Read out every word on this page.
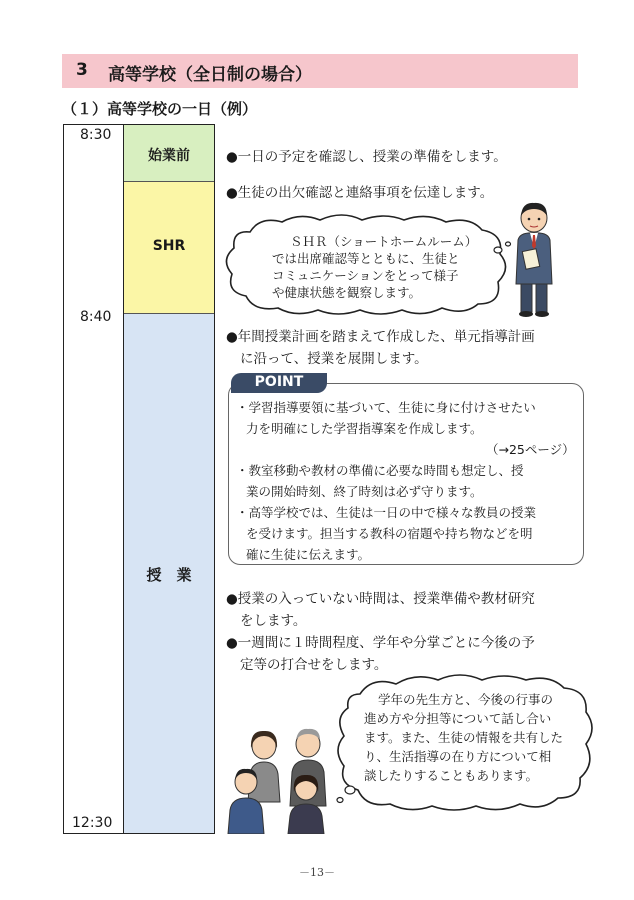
3 高等学校（全日制の場合）
（１）高等学校の一日（例）
8:30
8:40
12:30
始業前
SHR
授　業
●一日の予定を確認し、授業の準備をします。
●生徒の出欠確認と連絡事項を伝達します。
ＳＨＲ（ショートホームルーム）
では出席確認等とともに、生徒と
コミュニケーションをとって様子
や健康状態を観察します。
●年間授業計画を踏まえて作成した、単元指導計画
に沿って、授業を展開します。
POINT
・学習指導要領に基づいて、生徒に身に付けさせたい
力を明確にした学習指導案を作成します。
（→25ページ）
・教室移動や教材の準備に必要な時間も想定し、授
業の開始時刻、終了時刻は必ず守ります。
・高等学校では、生徒は一日の中で様々な教員の授業
を受けます。担当する教科の宿題や持ち物などを明
確に生徒に伝えます。
●授業の入っていない時間は、授業準備や教材研究
をします。
●一週間に１時間程度、学年や分掌ごとに今後の予
定等の打合せをします。
学年の先生方と、今後の行事の
進め方や分担等について話し合い
ます。また、生徒の情報を共有した
り、生活指導の在り方について相
談したりすることもあります。
－13－
